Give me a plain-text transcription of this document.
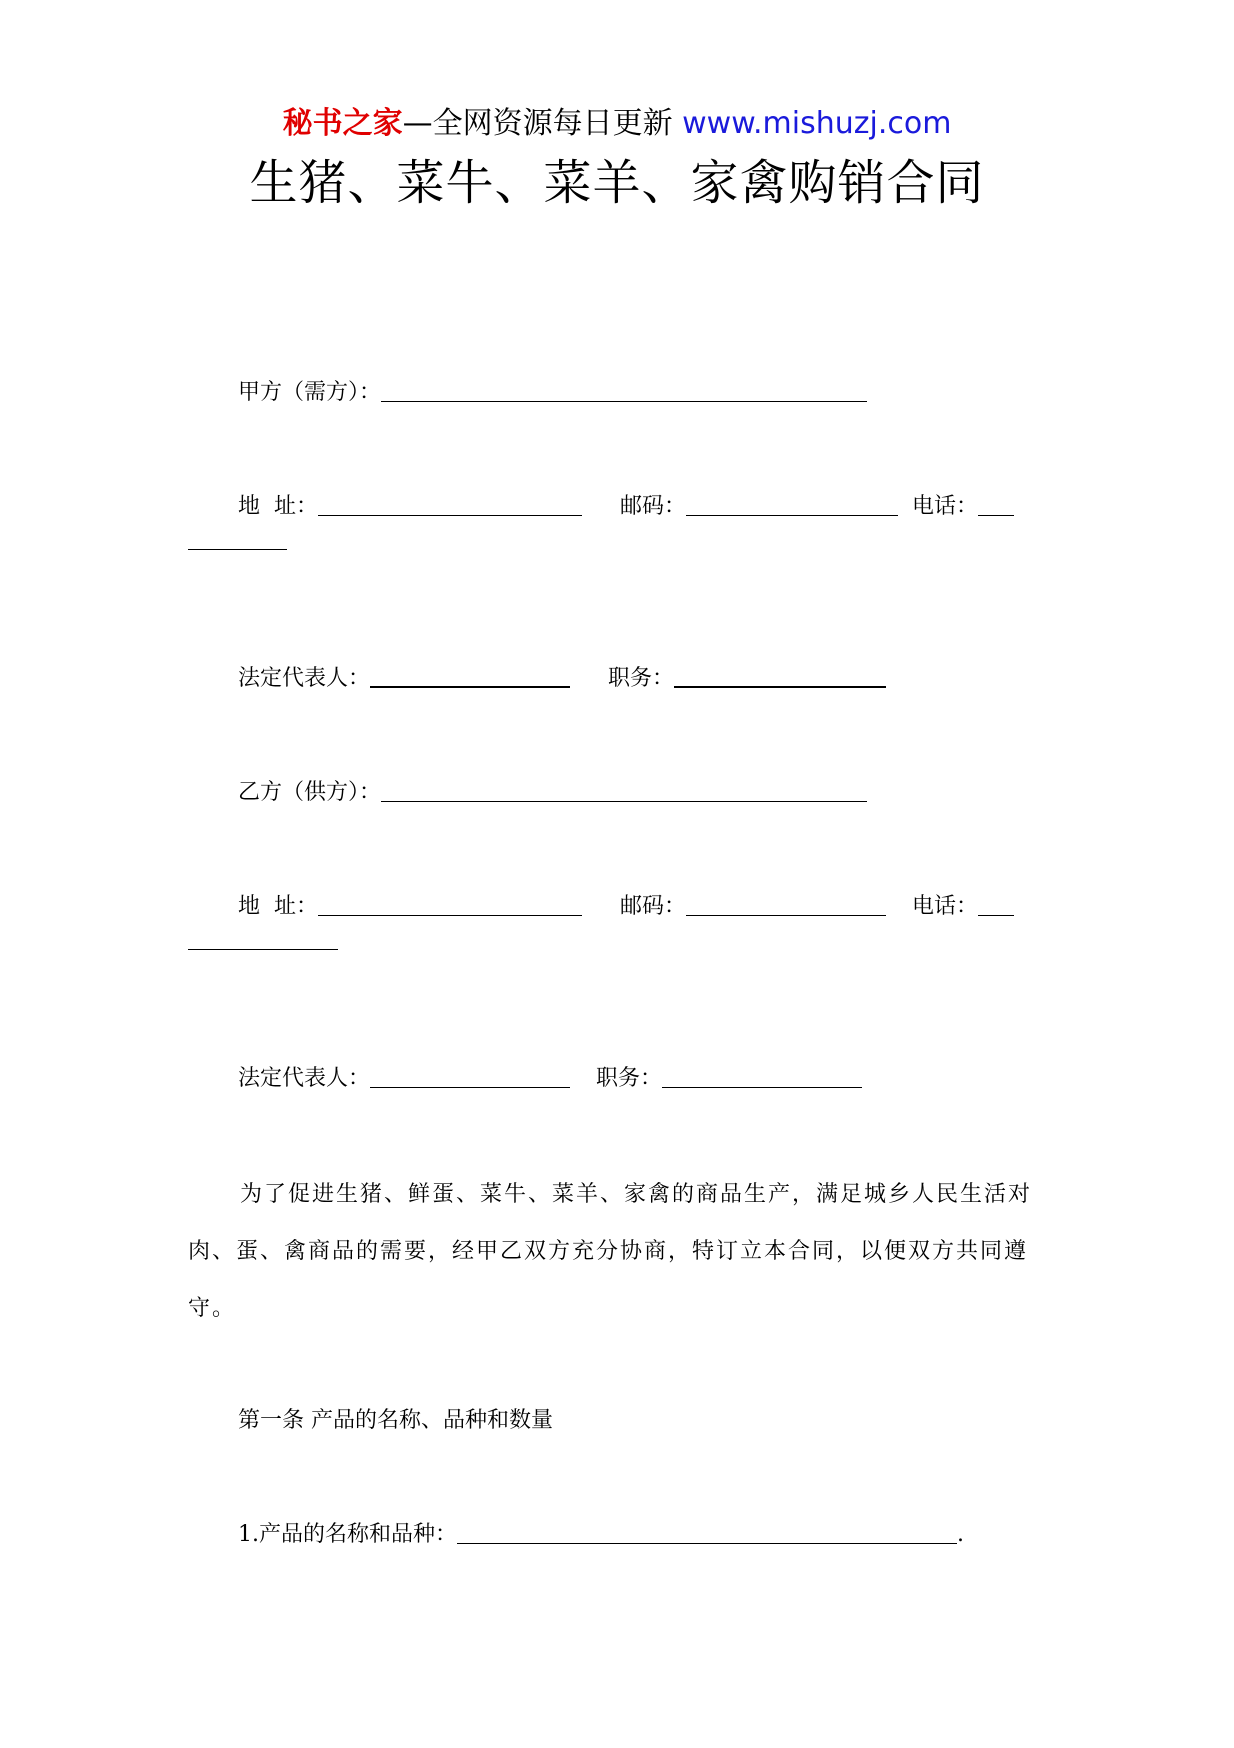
秘书之家—全网资源每日更新 www.mishuzj.com
生猪、菜牛、菜羊、家禽购销合同
甲方（需方）：
地  址：	邮码：	电话：
法定代表人：	职务：
乙方（供方）：
地  址：	邮码：	电话：
法定代表人：	职务：
为了促进生猪、鲜蛋、菜牛、菜羊、家禽的商品生产，满足城乡人民生活对肉、蛋、禽商品的需要，经甲乙双方充分协商，特订立本合同，以便双方共同遵守。
第一条 产品的名称、品种和数量
1.产品的名称和品种：	.
